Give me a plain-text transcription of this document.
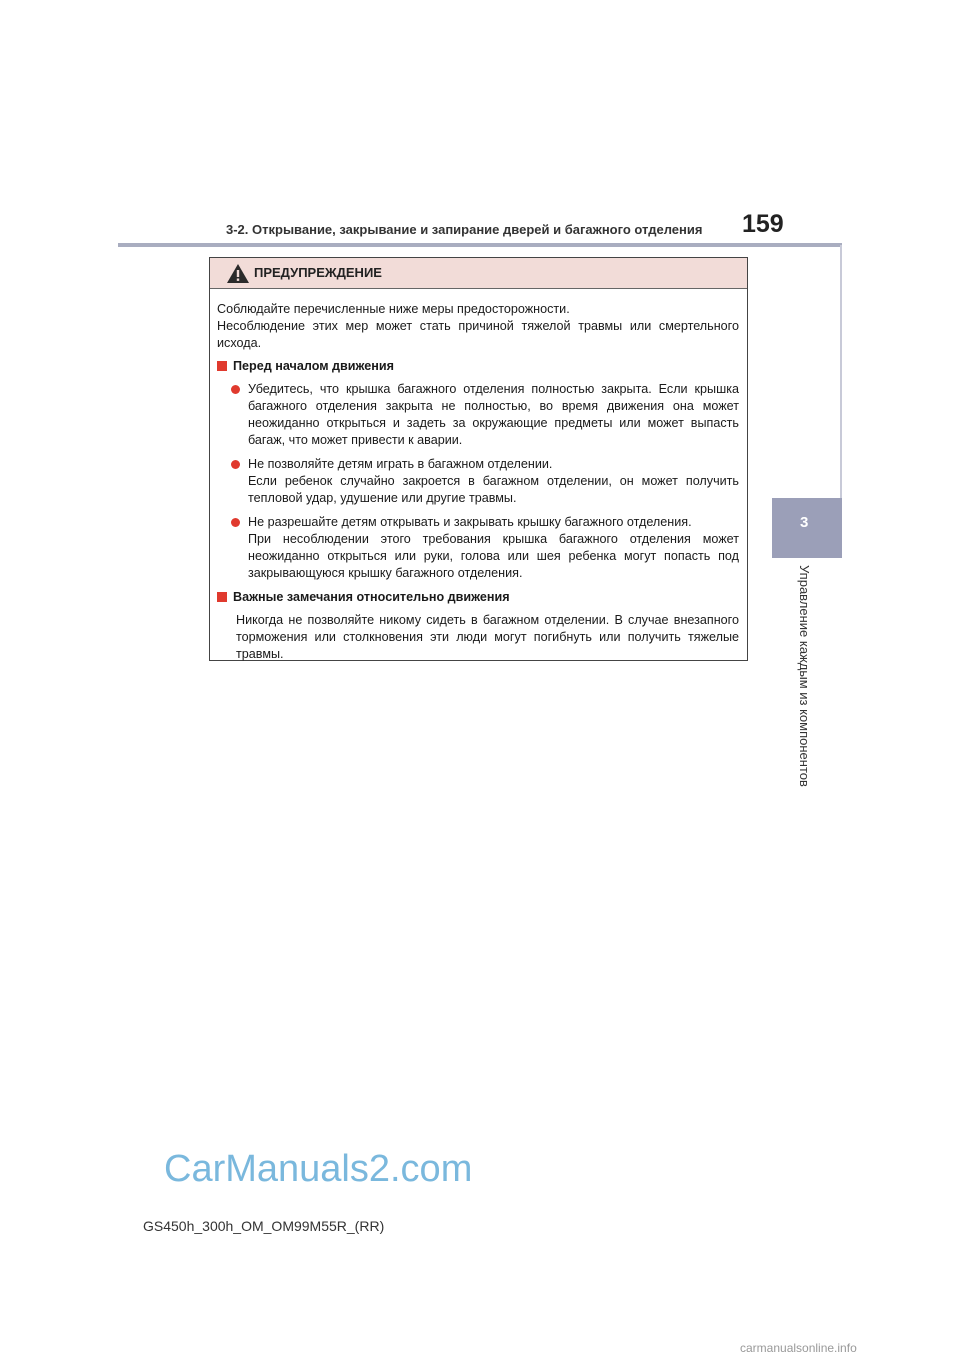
3-2. Открывание, закрывание и запирание дверей и багажного отделения 159
3
Управление каждым из компонентов
ПРЕДУПРЕЖДЕНИЕ

Соблюдайте перечисленные ниже меры предосторожности.

Несоблюдение этих мер может стать причиной тяжелой травмы или смертельного исхода.

Перед началом движения
Убедитесь, что крышка багажного отделения полностью закрыта. Если крышка багажного отделения закрыта не полностью, во время движения она может неожиданно открыться и задеть за окружающие предметы или может выпасть багаж, что может привести к аварии.
Не позволяйте детям играть в багажном отделении.
Если ребенок случайно закроется в багажном отделении, он может получить тепловой удар, удушение или другие травмы.
Не разрешайте детям открывать и закрывать крышку багажного отделения.
При несоблюдении этого требования крышка багажного отделения может неожиданно открыться или руки, голова или шея ребенка могут попасть под закрывающуюся крышку багажного отделения.
Важные замечания относительно движения

Никогда не позволяйте никому сидеть в багажном отделении. В случае внезапного торможения или столкновения эти люди могут погибнуть или получить тяжелые травмы.

CarManuals2.com
GS450h_300h_OM_OM99M55R_(RR)
carmanualsonline.info
